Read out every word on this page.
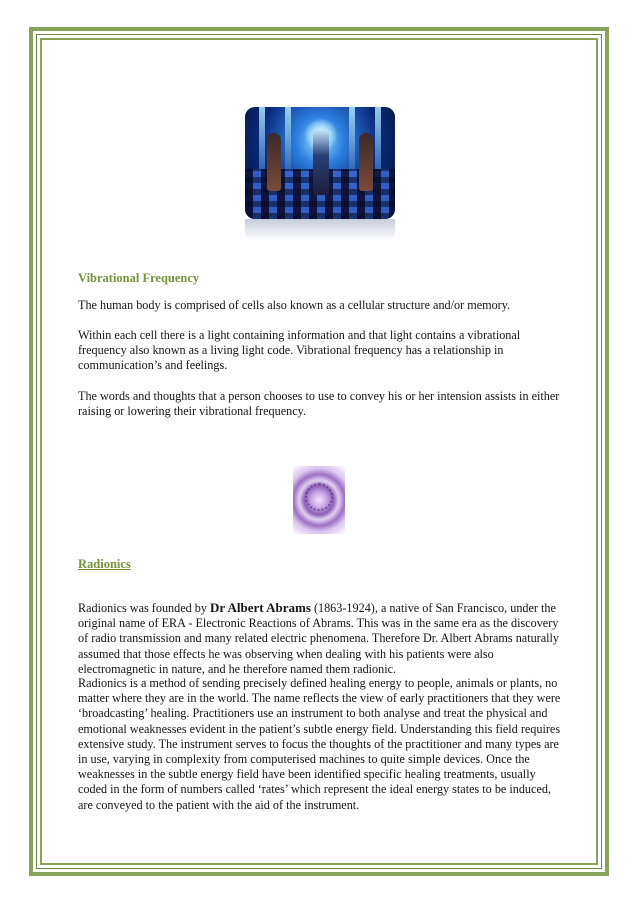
Vibrational Frequency

The human body is comprised of cells also known as a cellular structure and/or memory.

Within each cell there is a light containing information and that light contains a vibrational frequency also known as a living light code. Vibrational frequency has a relationship in communication’s and feelings.

The words and thoughts that a person chooses to use to convey his or her intension assists in either raising or lowering their vibrational frequency.

Radionics

Radionics was founded by Dr Albert Abrams (1863-1924), a native of San Francisco, under the original name of ERA - Electronic Reactions of Abrams. This was in the same era as the discovery of radio transmission and many related electric phenomena. Therefore Dr. Albert Abrams naturally assumed that those effects he was observing when dealing with his patients were also electromagnetic in nature, and he therefore named them radionic.

Radionics is a method of sending precisely defined healing energy to people, animals or plants, no matter where they are in the world. The name reflects the view of early practitioners that they were ‘broadcasting’ healing. Practitioners use an instrument to both analyse and treat the physical and emotional weaknesses evident in the patient’s subtle energy field. Understanding this field requires extensive study. The instrument serves to focus the thoughts of the practitioner and many types are in use, varying in complexity from computerised machines to quite simple devices. Once the weaknesses in the subtle energy field have been identified specific healing treatments, usually coded in the form of numbers called ‘rates’ which represent the ideal energy states to be induced, are conveyed to the patient with the aid of the instrument.
